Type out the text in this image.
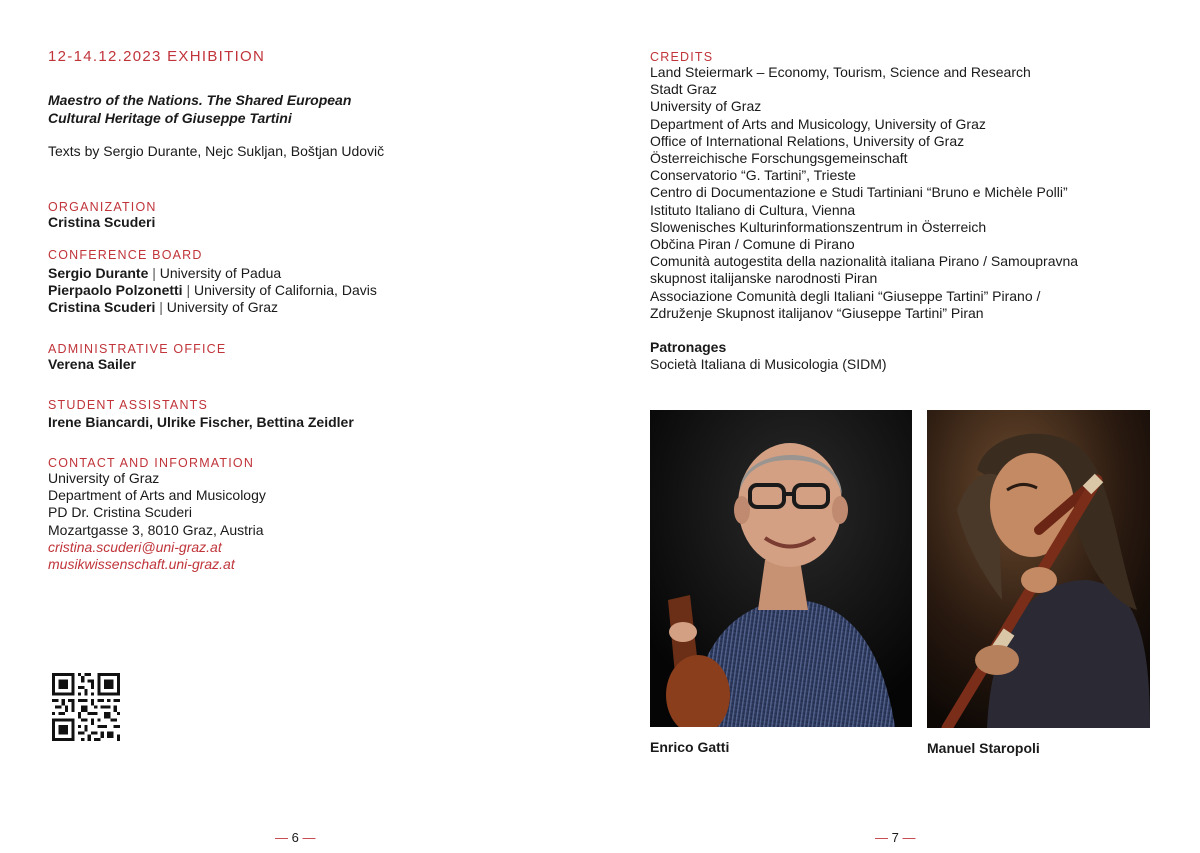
12-14.12.2023 EXHIBITION
Maestro of the Nations. The Shared European
Cultural Heritage of Giuseppe Tartini
Texts by Sergio Durante, Nejc Sukljan, Boštjan Udovič
ORGANIZATION
Cristina Scuderi
CONFERENCE BOARD
Sergio Durante | University of Padua
Pierpaolo Polzonetti | University of California, Davis
Cristina Scuderi | University of Graz
ADMINISTRATIVE OFFICE
Verena Sailer
STUDENT ASSISTANTS
Irene Biancardi, Ulrike Fischer, Bettina Zeidler
CONTACT AND INFORMATION
University of Graz
Department of Arts and Musicology
PD Dr. Cristina Scuderi
Mozartgasse 3, 8010 Graz, Austria
cristina.scuderi@uni-graz.at
musikwissenschaft.uni-graz.at
— 6 —
CREDITS
Land Steiermark – Economy, Tourism, Science and Research
Stadt Graz
University of Graz
Department of Arts and Musicology, University of Graz
Office of International Relations, University of Graz
Österreichische Forschungsgemeinschaft
Conservatorio “G. Tartini”, Trieste
Centro di Documentazione e Studi Tartiniani “Bruno e Michèle Polli”
Istituto Italiano di Cultura, Vienna
Slowenisches Kulturinformationszentrum in Österreich
Občina Piran / Comune di Pirano
Comunità autogestita della nazionalità italiana Pirano / Samoupravna
skupnost italijanske narodnosti Piran
Associazione Comunità degli Italiani “Giuseppe Tartini” Pirano /
Združenje Skupnost italijanov “Giuseppe Tartini” Piran
Patronages
Società Italiana di Musicologia (SIDM)
Enrico Gatti	Manuel Staropoli
— 7 —
